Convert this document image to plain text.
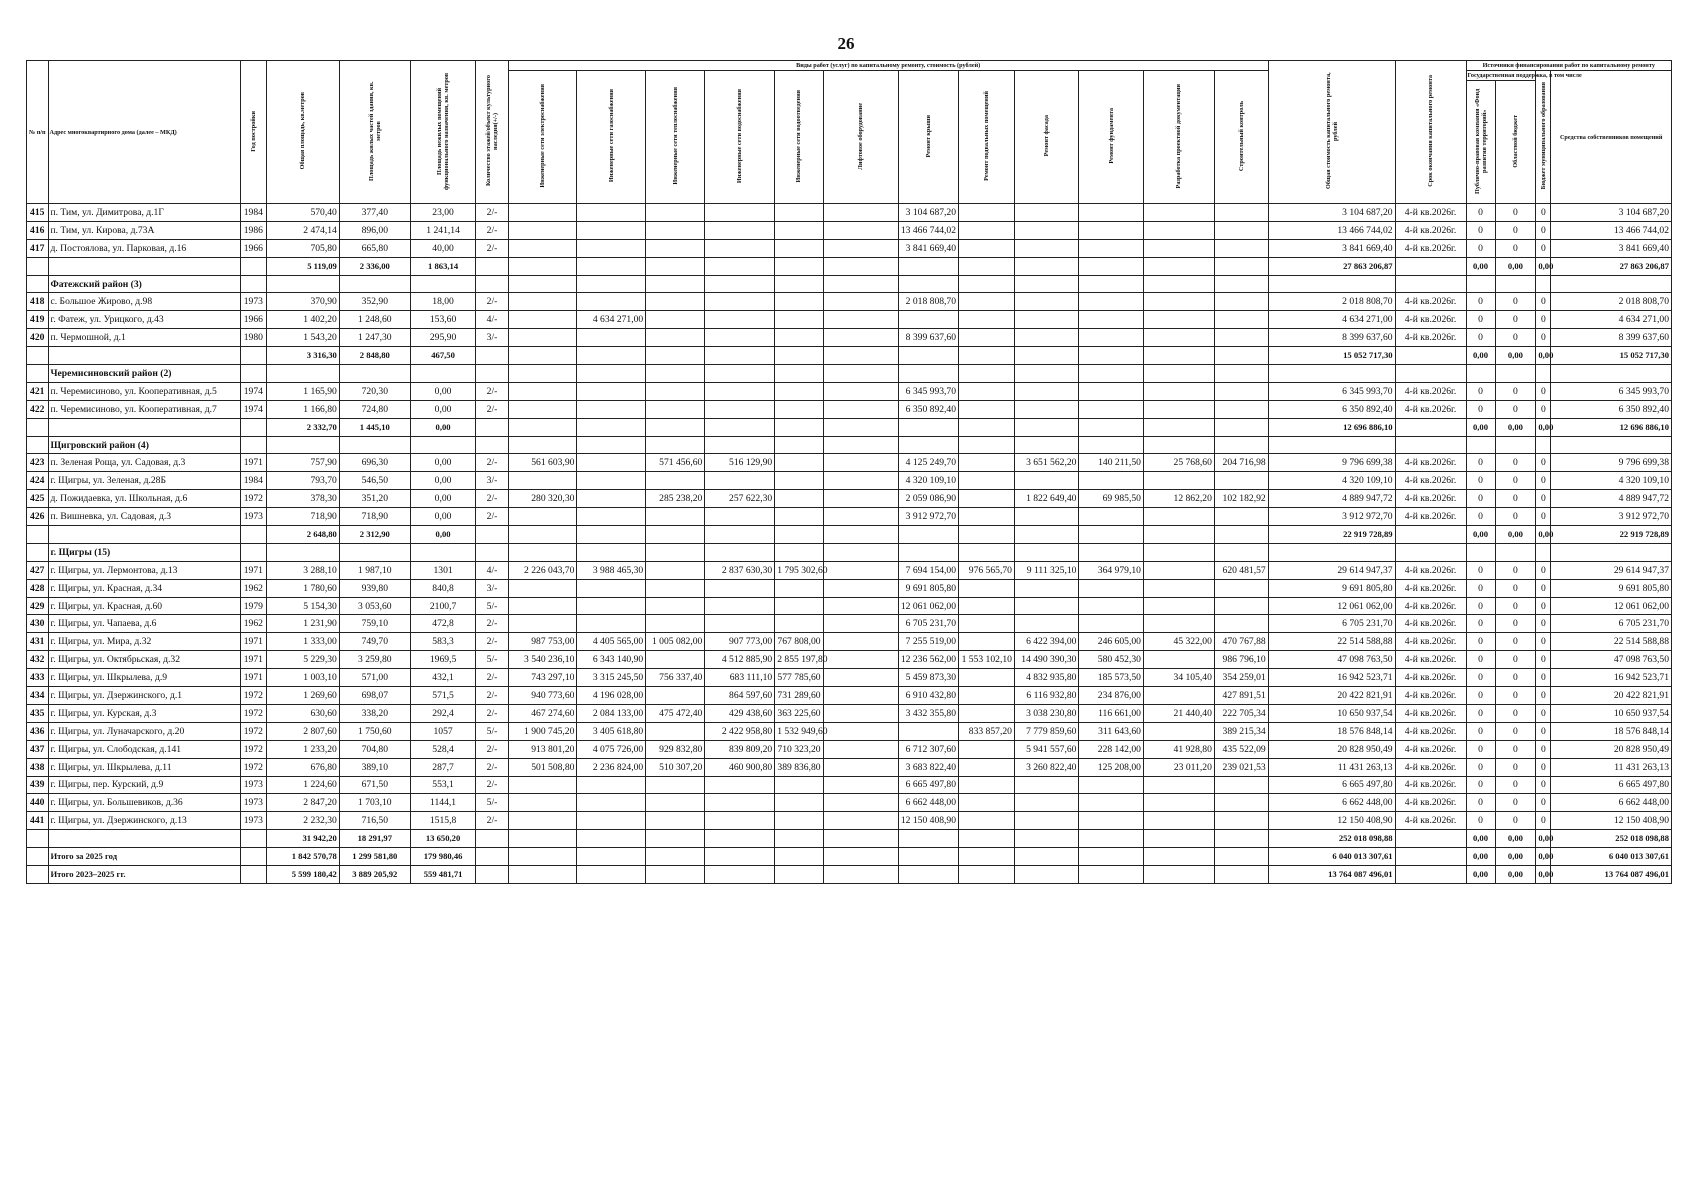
26
№ п/п	Адрес многоквартирного дома (далее – МКД)	Год постройки	Общая площадь, кв.метров	Площадь жилых частей здания, кв. метров	Площадь нежилых помещений функционального назначения, кв. метров	Количество этажей/объект культурного наследия(+/-)	Виды работ (услуг) по капитальному ремонту, стоимость (рублей)												Общая стоимость капитального ремонта, рублей	Срок окончания капитального ремонта	Источники финансирования работ по капитальному ремонту			
							Инженерные сети электроснабжения	Инженерные сети газоснабжения	Инженерные сети теплоснабжения	Инженерные сети водоснабжения	Инженерные сети водоотведения	Лифтовое оборудование	Ремонт крыши	Ремонт подвальных помещений	Ремонт фасада	Ремонт фундамента	Разработка проектной документации	Строительный контроль			Государственная поддержка, в том числе		Бюджет муниципального образования	Средства собственников помещений
																					Публично-правовая компания «Фонд развития территорий»	Областной бюджет		
415	п. Тим, ул. Димитрова, д.1Г	1984	570,40	377,40	23,00	2/-							3 104 687,20						3 104 687,20	4-й кв.2026г.	0	0	0	3 104 687,20
416	п. Тим, ул. Кирова, д.73А	1986	2 474,14	896,00	1 241,14	2/-							13 466 744,02						13 466 744,02	4-й кв.2026г.	0	0	0	13 466 744,02
417	д. Постоялова, ул. Парковая, д.16	1966	705,80	665,80	40,00	2/-							3 841 669,40						3 841 669,40	4-й кв.2026г.	0	0	0	3 841 669,40
			5 119,09	2 336,00	1 863,14														27 863 206,87		0,00	0,00	0,00	27 863 206,87
	Фатежский район (3)																							
418	с. Большое Жирово, д.98	1973	370,90	352,90	18,00	2/-							2 018 808,70						2 018 808,70	4-й кв.2026г.	0	0	0	2 018 808,70
419	г. Фатеж, ул. Урицкого, д.43	1966	1 402,20	1 248,60	153,60	4/-		4 634 271,00											4 634 271,00	4-й кв.2026г.	0	0	0	4 634 271,00
420	п. Чермошной, д.1	1980	1 543,20	1 247,30	295,90	3/-							8 399 637,60						8 399 637,60	4-й кв.2026г.	0	0	0	8 399 637,60
			3 316,30	2 848,80	467,50														15 052 717,30		0,00	0,00	0,00	15 052 717,30
	Черемисиновский район (2)																							
421	п. Черемисиново, ул. Кооперативная, д.5	1974	1 165,90	720,30	0,00	2/-							6 345 993,70						6 345 993,70	4-й кв.2026г.	0	0	0	6 345 993,70
422	п. Черемисиново, ул. Кооперативная, д.7	1974	1 166,80	724,80	0,00	2/-							6 350 892,40						6 350 892,40	4-й кв.2026г.	0	0	0	6 350 892,40
			2 332,70	1 445,10	0,00														12 696 886,10		0,00	0,00	0,00	12 696 886,10
	Щигровский район (4)																							
423	п. Зеленая Роща, ул. Садовая, д.3	1971	757,90	696,30	0,00	2/-	561 603,90		571 456,60	516 129,90			4 125 249,70		3 651 562,20	140 211,50	25 768,60	204 716,98	9 796 699,38	4-й кв.2026г.	0	0	0	9 796 699,38
424	г. Щигры, ул. Зеленая, д.28Б	1984	793,70	546,50	0,00	3/-							4 320 109,10						4 320 109,10	4-й кв.2026г.	0	0	0	4 320 109,10
425	д. Пожидаевка, ул. Школьная, д.6	1972	378,30	351,20	0,00	2/-	280 320,30		285 238,20	257 622,30			2 059 086,90		1 822 649,40	69 985,50	12 862,20	102 182,92	4 889 947,72	4-й кв.2026г.	0	0	0	4 889 947,72
426	п. Вишневка, ул. Садовая, д.3	1973	718,90	718,90	0,00	2/-							3 912 972,70						3 912 972,70	4-й кв.2026г.	0	0	0	3 912 972,70
			2 648,80	2 312,90	0,00														22 919 728,89		0,00	0,00	0,00	22 919 728,89
	г. Щигры (15)																							
427	г. Щигры, ул. Лермонтова, д.13	1971	3 288,10	1 987,10	1301	4/-	2 226 043,70	3 988 465,30		2 837 630,30	1 795 302,60		7 694 154,00	976 565,70	9 111 325,10	364 979,10		620 481,57	29 614 947,37	4-й кв.2026г.	0	0	0	29 614 947,37
428	г. Щигры, ул. Красная, д.34	1962	1 780,60	939,80	840,8	3/-							9 691 805,80						9 691 805,80	4-й кв.2026г.	0	0	0	9 691 805,80
429	г. Щигры, ул. Красная, д.60	1979	5 154,30	3 053,60	2100,7	5/-							12 061 062,00						12 061 062,00	4-й кв.2026г.	0	0	0	12 061 062,00
430	г. Щигры, ул. Чапаева, д.6	1962	1 231,90	759,10	472,8	2/-							6 705 231,70						6 705 231,70	4-й кв.2026г.	0	0	0	6 705 231,70
431	г. Щигры, ул. Мира, д.32	1971	1 333,00	749,70	583,3	2/-	987 753,00	4 405 565,00	1 005 082,00	907 773,00	767 808,00		7 255 519,00		6 422 394,00	246 605,00	45 322,00	470 767,88	22 514 588,88	4-й кв.2026г.	0	0	0	22 514 588,88
432	г. Щигры, ул. Октябрьская, д.32	1971	5 229,30	3 259,80	1969,5	5/-	3 540 236,10	6 343 140,90		4 512 885,90	2 855 197,80		12 236 562,00	1 553 102,10	14 490 390,30	580 452,30		986 796,10	47 098 763,50	4-й кв.2026г.	0	0	0	47 098 763,50
433	г. Щигры, ул. Шкрылева, д.9	1971	1 003,10	571,00	432,1	2/-	743 297,10	3 315 245,50	756 337,40	683 111,10	577 785,60		5 459 873,30		4 832 935,80	185 573,50	34 105,40	354 259,01	16 942 523,71	4-й кв.2026г.	0	0	0	16 942 523,71
434	г. Щигры, ул. Дзержинского, д.1	1972	1 269,60	698,07	571,5	2/-	940 773,60	4 196 028,00		864 597,60	731 289,60		6 910 432,80		6 116 932,80	234 876,00		427 891,51	20 422 821,91	4-й кв.2026г.	0	0	0	20 422 821,91
435	г. Щигры, ул. Курская, д.3	1972	630,60	338,20	292,4	2/-	467 274,60	2 084 133,00	475 472,40	429 438,60	363 225,60		3 432 355,80		3 038 230,80	116 661,00	21 440,40	222 705,34	10 650 937,54	4-й кв.2026г.	0	0	0	10 650 937,54
436	г. Щигры, ул. Луначарского, д.20	1972	2 807,60	1 750,60	1057	5/-	1 900 745,20	3 405 618,80		2 422 958,80	1 532 949,60			833 857,20	7 779 859,60	311 643,60		389 215,34	18 576 848,14	4-й кв.2026г.	0	0	0	18 576 848,14
437	г. Щигры, ул. Слободская, д.141	1972	1 233,20	704,80	528,4	2/-	913 801,20	4 075 726,00	929 832,80	839 809,20	710 323,20		6 712 307,60		5 941 557,60	228 142,00	41 928,80	435 522,09	20 828 950,49	4-й кв.2026г.	0	0	0	20 828 950,49
438	г. Щигры, ул. Шкрылева, д.11	1972	676,80	389,10	287,7	2/-	501 508,80	2 236 824,00	510 307,20	460 900,80	389 836,80		3 683 822,40		3 260 822,40	125 208,00	23 011,20	239 021,53	11 431 263,13	4-й кв.2026г.	0	0	0	11 431 263,13
439	г. Щигры, пер. Курский, д.9	1973	1 224,60	671,50	553,1	2/-							6 665 497,80						6 665 497,80	4-й кв.2026г.	0	0	0	6 665 497,80
440	г. Щигры, ул. Большевиков, д.36	1973	2 847,20	1 703,10	1144,1	5/-							6 662 448,00						6 662 448,00	4-й кв.2026г.	0	0	0	6 662 448,00
441	г. Щигры, ул. Дзержинского, д.13	1973	2 232,30	716,50	1515,8	2/-							12 150 408,90						12 150 408,90	4-й кв.2026г.	0	0	0	12 150 408,90
			31 942,20	18 291,97	13 650,20														252 018 098,88		0,00	0,00	0,00	252 018 098,88
	Итого за 2025 год		1 842 570,78	1 299 581,80	179 980,46														6 040 013 307,61		0,00	0,00	0,00	6 040 013 307,61
	Итого 2023–2025 гг.		5 599 180,42	3 889 205,92	559 481,71														13 764 087 496,01		0,00	0,00	0,00	13 764 087 496,01
